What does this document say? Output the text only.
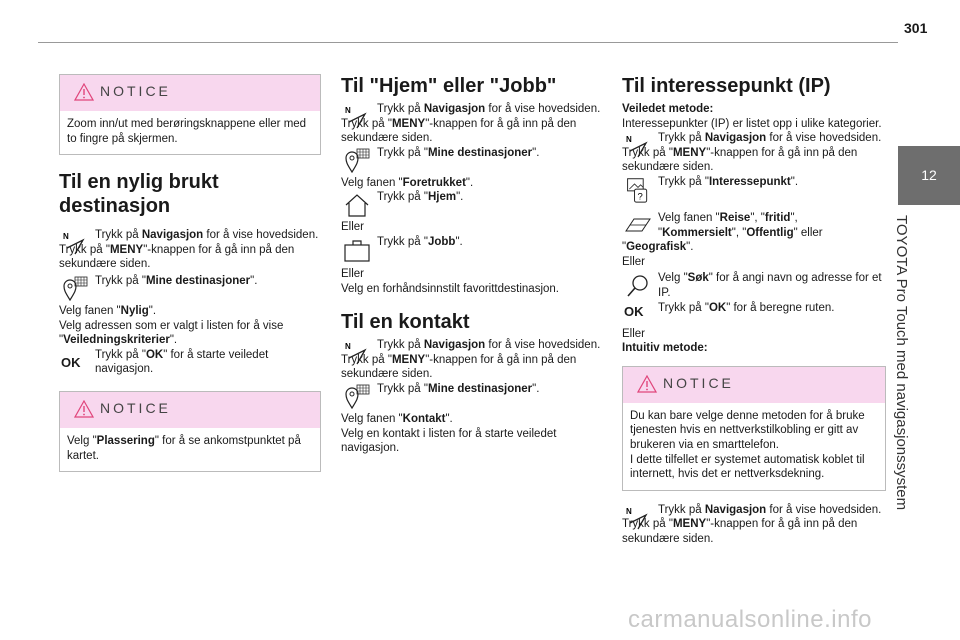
301
12
TOYOTA Pro Touch med navigasjonssystem
NOTICE
Zoom inn/ut med berøringsknappene eller med to fingre på skjermen.
Til en nylig brukt destinasjon
N Trykk på Navigasjon for å vise hovedsiden.

Trykk på "MENY"-knappen for å gå inn på den sekundære siden.

Trykk på "Mine destinasjoner".

Velg fanen "Nylig".

Velg adressen som er valgt i listen for å vise

"Veiledningskriterier".

OK	Trykk på "OK" for å starte veiledet navigasjon.

NOTICE
Velg "Plassering" for å se ankomstpunktet på kartet.
Til "Hjem" eller "Jobb"
N Trykk på Navigasjon for å vise hovedsiden.

Trykk på "MENY"-knappen for å gå inn på den sekundære siden.

Trykk på "Mine destinasjoner".

Velg fanen "Foretrukket".

Trykk på "Hjem".

Eller

Trykk på "Jobb".

Eller

Velg en forhåndsinnstilt favorittdestinasjon.

Til en kontakt
N Trykk på Navigasjon for å vise hovedsiden.

Trykk på "MENY"-knappen for å gå inn på den sekundære siden.

Trykk på "Mine destinasjoner".

Velg fanen "Kontakt".

Velg en kontakt i listen for å starte veiledet navigasjon.

Til interessepunkt (IP)

Veiledet metode:

Interessepunkter (IP) er listet opp i ulike kategorier.

N Trykk på Navigasjon for å vise hovedsiden.

Trykk på "MENY"-knappen for å gå inn på den sekundære siden.

?

Trykk på "Interessepunkt".

Velg fanen "Reise", "fritid",
"Kommersielt", "Offentlig" eller

"Geografisk".

Eller

Velg "Søk" for å angi navn og adresse for et IP.

OK	Trykk på "OK" for å beregne ruten.

Eller

Intuitiv metode:

NOTICE

Du kan bare velge denne metoden for å bruke tjenesten hvis en nettverkstilkobling er gitt av brukeren via en smarttelefon.

I dette tilfellet er systemet automatisk koblet til internett, hvis det er nettverksdekning.

N Trykk på Navigasjon for å vise hovedsiden.

Trykk på "MENY"-knappen for å gå inn på den sekundære siden.

carmanualsonline.info
